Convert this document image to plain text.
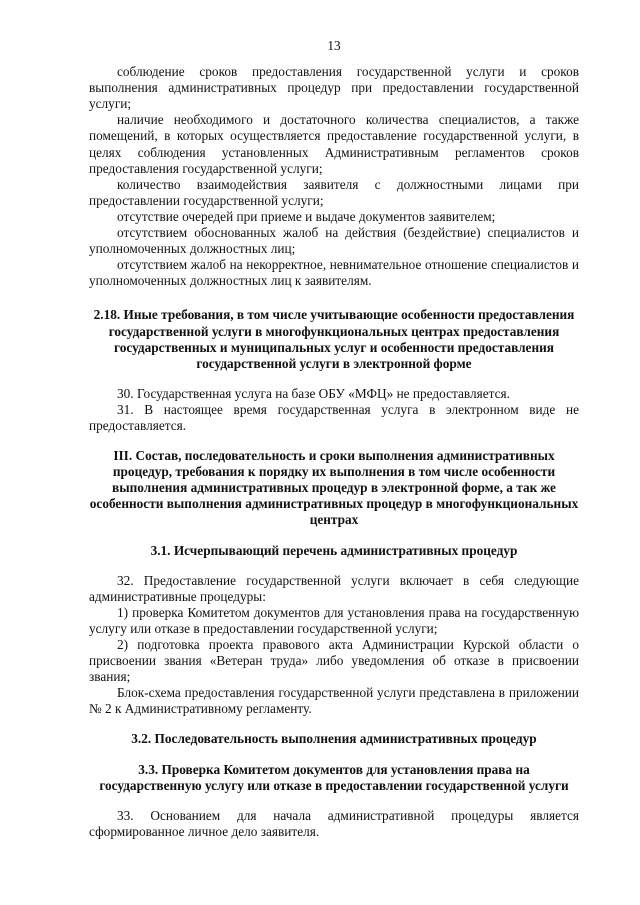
13

соблюдение сроков предоставления государственной услуги и сроков выполнения административных процедур при предоставлении государственной услуги;

наличие необходимого и достаточного количества специалистов, а также помещений, в которых осуществляется предоставление государственной услуги, в целях соблюдения установленных Административным регламентов сроков предоставления государственной услуги;

количество взаимодействия заявителя с должностными лицами при предоставлении государственной услуги;

отсутствие очередей при приеме и выдаче документов заявителем;

отсутствием обоснованных жалоб на действия (бездействие) специалистов и уполномоченных должностных лиц;

отсутствием жалоб на некорректное, невнимательное отношение специалистов и уполномоченных должностных лиц к заявителям.

2.18. Иные требования, в том числе учитывающие особенности предоставления государственной услуги в многофункциональных центрах предоставления государственных и муниципальных услуг и особенности предоставления государственной услуги в электронной форме

30. Государственная услуга на базе ОБУ «МФЦ» не предоставляется.

31. В настоящее время государственная услуга в электронном виде не предоставляется.

III. Состав, последовательность и сроки выполнения административных процедур, требования к порядку их выполнения в том числе особенности выполнения административных процедур в электронной форме, а так же особенности выполнения административных процедур в многофункциональных центрах

3.1. Исчерпывающий перечень административных процедур

32. Предоставление государственной услуги включает в себя следующие административные процедуры:

1) проверка Комитетом документов для установления права на государственную услугу или отказе в предоставлении государственной услуги;

2) подготовка проекта правового акта Администрации Курской области о присвоении звания «Ветеран труда» либо уведомления об отказе в присвоении звания;

Блок-схема предоставления государственной услуги представлена в приложении № 2 к Административному регламенту.

3.2. Последовательность выполнения административных процедур

3.3. Проверка Комитетом документов для установления права на государственную услугу или отказе в предоставлении государственной услуги

33. Основанием для начала административной процедуры является сформированное личное дело заявителя.
